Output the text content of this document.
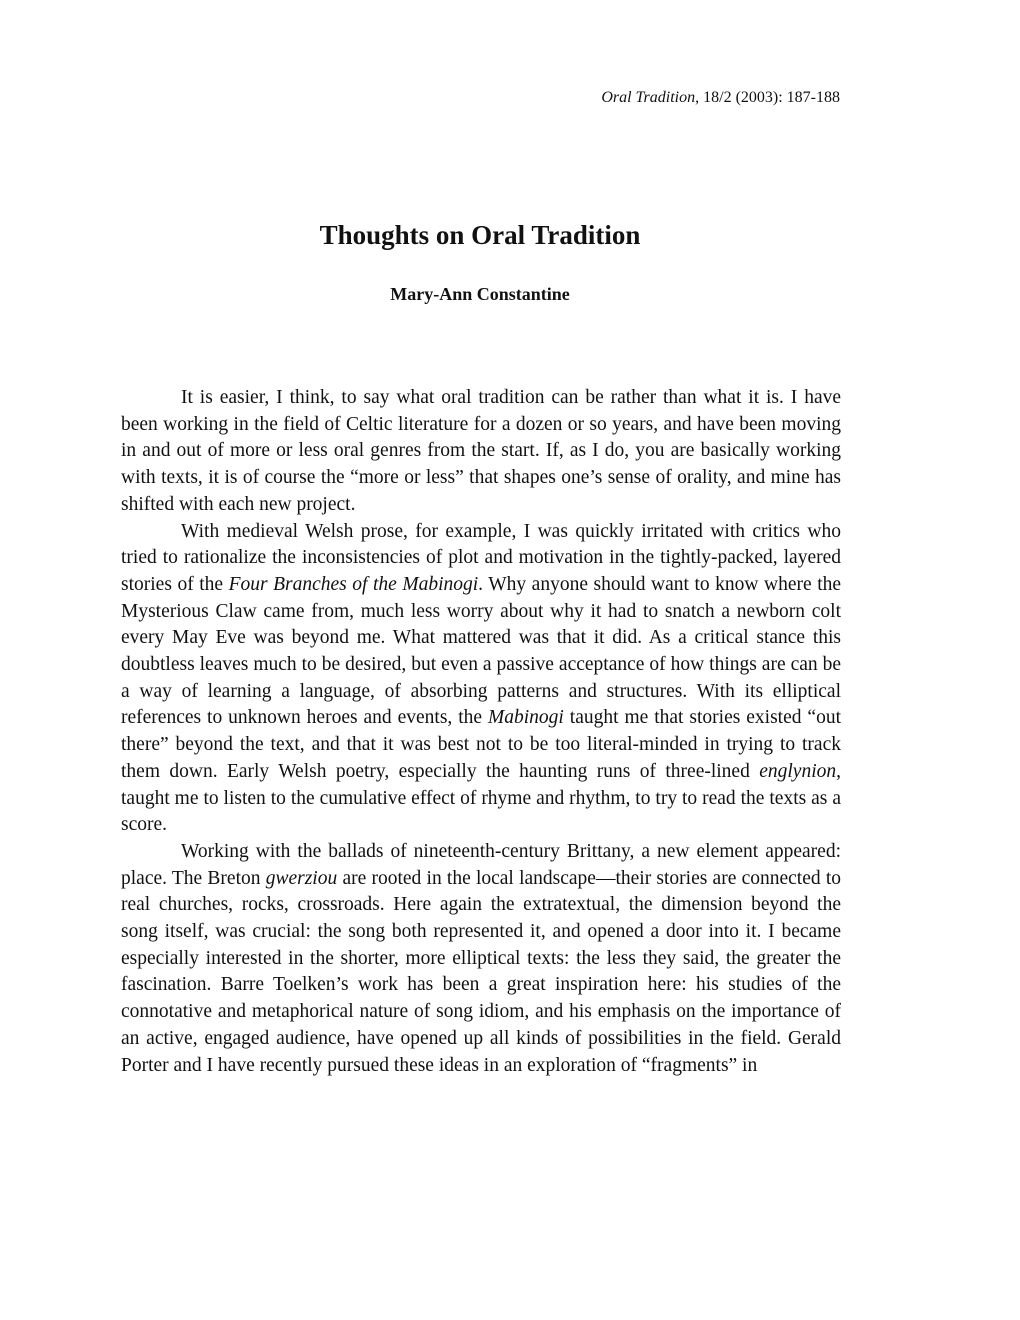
Oral Tradition, 18/2 (2003): 187-188
Thoughts on Oral Tradition
Mary-Ann Constantine

It is easier, I think, to say what oral tradition can be rather than what it is. I have been working in the field of Celtic literature for a dozen or so years, and have been moving in and out of more or less oral genres from the start. If, as I do, you are basically working with texts, it is of course the “more or less” that shapes one’s sense of orality, and mine has shifted with each new project.

With medieval Welsh prose, for example, I was quickly irritated with critics who tried to rationalize the inconsistencies of plot and motivation in the tightly-packed, layered stories of the Four Branches of the Mabinogi. Why anyone should want to know where the Mysterious Claw came from, much less worry about why it had to snatch a newborn colt every May Eve was beyond me. What mattered was that it did. As a critical stance this doubtless leaves much to be desired, but even a passive acceptance of how things are can be a way of learning a language, of absorbing patterns and structures. With its elliptical references to unknown heroes and events, the Mabinogi taught me that stories existed “out there” beyond the text, and that it was best not to be too literal-minded in trying to track them down. Early Welsh poetry, especially the haunting runs of three-lined englynion, taught me to listen to the cumulative effect of rhyme and rhythm, to try to read the texts as a score.

Working with the ballads of nineteenth-century Brittany, a new element appeared: place. The Breton gwerziou are rooted in the local landscape—their stories are connected to real churches, rocks, crossroads. Here again the extratextual, the dimension beyond the song itself, was crucial: the song both represented it, and opened a door into it. I became especially interested in the shorter, more elliptical texts: the less they said, the greater the fascination. Barre Toelken’s work has been a great inspiration here: his studies of the connotative and metaphorical nature of song idiom, and his emphasis on the importance of an active, engaged audience, have opened up all kinds of possibilities in the field. Gerald Porter and I have recently pursued these ideas in an exploration of “fragments” in
